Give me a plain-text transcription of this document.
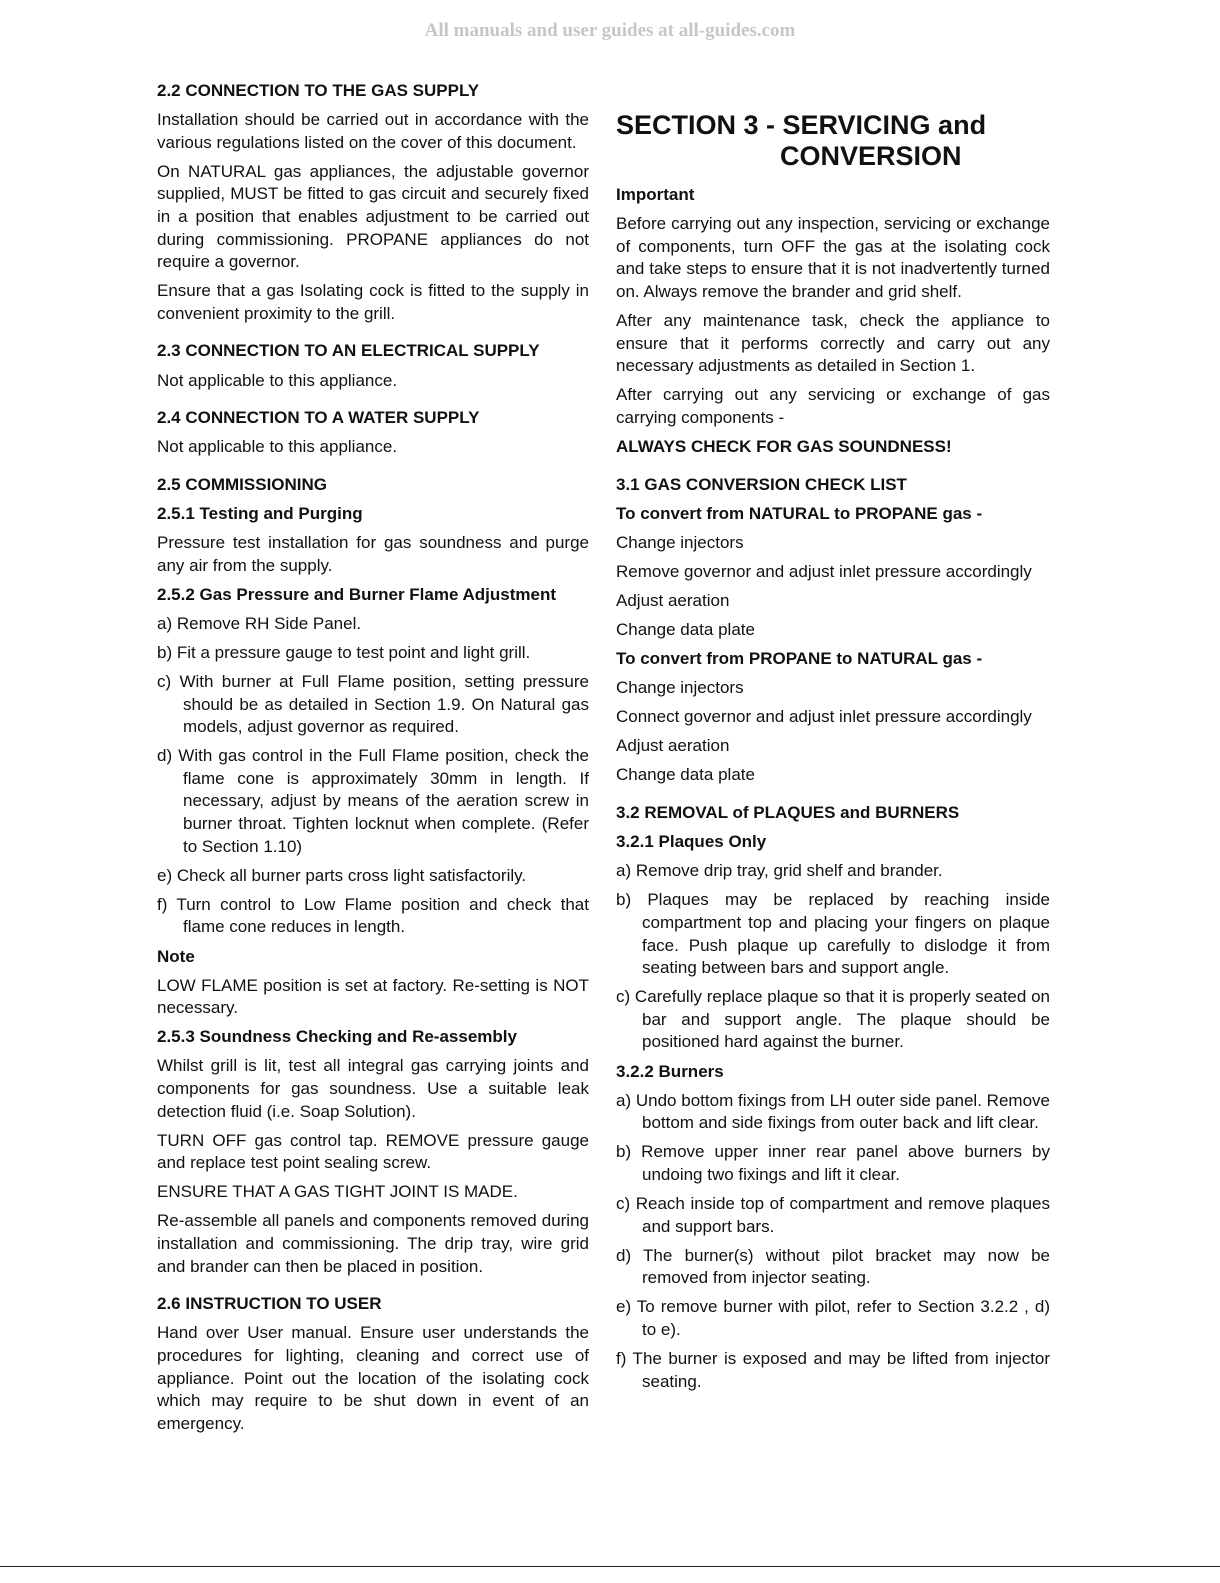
All manuals and user guides at all-guides.com
2.2 CONNECTION TO THE GAS SUPPLY

Installation should be carried out in accordance with the various regulations listed on the cover of this document.

On NATURAL gas appliances, the adjustable governor supplied, MUST be fitted to gas circuit and securely fixed in a position that enables adjustment to be carried out during commissioning. PROPANE appliances do not require a governor.

Ensure that a gas Isolating cock is fitted to the supply in convenient proximity to the grill.

2.3 CONNECTION TO AN ELECTRICAL SUPPLY

Not applicable to this appliance.

2.4 CONNECTION TO A WATER SUPPLY

Not applicable to this appliance.

2.5 COMMISSIONING
2.5.1 Testing and Purging

Pressure test installation for gas soundness and purge any air from the supply.

2.5.2 Gas Pressure and Burner Flame Adjustment

a) Remove RH Side Panel.

b) Fit a pressure gauge to test point and light grill.

c) With burner at Full Flame position, setting pressure should be as detailed in Section 1.9. On Natural gas models, adjust governor as required.

d) With gas control in the Full Flame position, check the flame cone is approximately 30mm in length. If necessary, adjust by means of the aeration screw in burner throat. Tighten locknut when complete. (Refer to Section 1.10)

e) Check all burner parts cross light satisfactorily.

f) Turn control to Low Flame position and check that flame cone reduces in length.

Note

LOW FLAME position is set at factory. Re-setting is NOT necessary.

2.5.3 Soundness Checking and Re-assembly

Whilst grill is lit, test all integral gas carrying joints and components for gas soundness. Use a suitable leak detection fluid (i.e. Soap Solution).

TURN OFF gas control tap. REMOVE pressure gauge and replace test point sealing screw.

ENSURE THAT A GAS TIGHT JOINT IS MADE.

Re-assemble all panels and components removed during installation and commissioning. The drip tray, wire grid and brander can then be placed in position.

2.6 INSTRUCTION TO USER

Hand over User manual. Ensure user understands the procedures for lighting, cleaning and correct use of appliance. Point out the location of the isolating cock which may require to be shut down in event of an emergency.

SECTION 3 - SERVICING and
CONVERSION
Important

Before carrying out any inspection, servicing or exchange of components, turn OFF the gas at the isolating cock and take steps to ensure that it is not inadvertently turned on. Always remove the brander and grid shelf.

After any maintenance task, check the appliance to ensure that it performs correctly and carry out any necessary adjustments as detailed in Section 1.

After carrying out any servicing or exchange of gas carrying components -

ALWAYS CHECK FOR GAS SOUNDNESS!
3.1 GAS CONVERSION CHECK LIST
To convert from NATURAL to PROPANE gas -

Change injectors

Remove governor and adjust inlet pressure accordingly

Adjust aeration

Change data plate

To convert from PROPANE to NATURAL gas -

Change injectors

Connect governor and adjust inlet pressure accordingly

Adjust aeration

Change data plate

3.2 REMOVAL of PLAQUES and BURNERS
3.2.1 Plaques Only

a) Remove drip tray, grid shelf and brander.

b) Plaques may be replaced by reaching inside compartment top and placing your fingers on plaque face. Push plaque up carefully to dislodge it from seating between bars and support angle.

c) Carefully replace plaque so that it is properly seated on bar and support angle. The plaque should be positioned hard against the burner.

3.2.2 Burners

a) Undo bottom fixings from LH outer side panel. Remove bottom and side fixings from outer back and lift clear.

b) Remove upper inner rear panel above burners by undoing two fixings and lift it clear.

c) Reach inside top of compartment and remove plaques and support bars.

d) The burner(s) without pilot bracket may now be removed from injector seating.

e) To remove burner with pilot, refer to Section 3.2.2 , d) to e).

f) The burner is exposed and may be lifted from injector seating.
